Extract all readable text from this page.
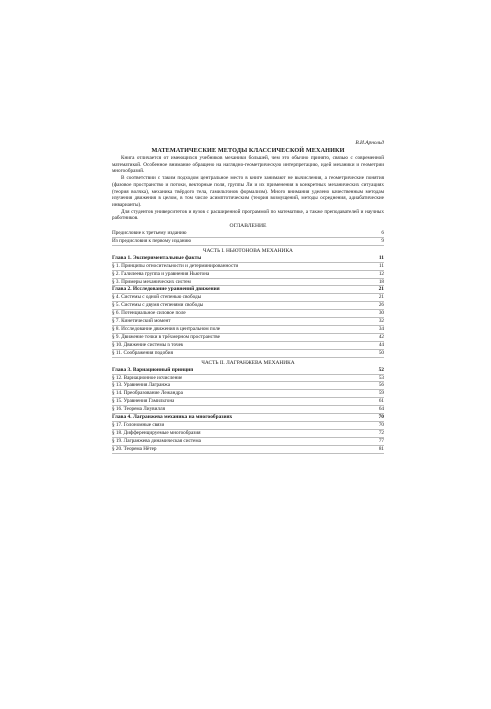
В.И.Арнольд
МАТЕМАТИЧЕСКИЕ МЕТОДЫ КЛАССИЧЕСКОЙ МЕХАНИКИ

Книга отличается от имеющихся учебников механики большей, чем это обычно принято, связью с современной математикой. Особенное внимание обращено на наглядно-геометрическую интерпретацию, идей механики и геометрии многообразий.

В соответствии с таким подходом центральное место в книге занимают не вычисления, а геометрические понятия (фазовое пространство и потоки, векторные поля, группы Ли и их применения в конкретных механических ситуациях (теория волчка), механика твёрдого тела, гамильтонов формализм). Много внимания уделено качественным методам изучения движения в целом, в том числе асимптотическим (теория возмущений, методы осреднения, адиабатические инварианты).

Для студентов университетов и вузов с расширенной программой по математике, а также преподавателей и научных работников.

ОГЛАВЛЕНИЕ
Предисловие к третьему изданию	6
Из предисловия к первому изданию	9
ЧАСТЬ I. НЬЮТОНОВА МЕХАНИКА
Глава 1. Экспериментальные факты	11
§ 1. Принципы относительности и детерминированности	11
§ 2. Галилеева группа и уравнения Ньютона	12
§ 3. Примеры механических систем	18
Глава 2. Исследование уравнений движения	21
§ 4. Системы с одной степенью свободы	21
§ 5. Системы с двумя степенями свободы	26
§ 6. Потенциальное силовое поле	30
§ 7. Кинетический момент	32
§ 8. Исследование движения в центральном поле	34
§ 9. Движение точки в трёхмерном пространстве	42
§ 10. Движение системы n точек	44
§ 11. Соображения подобия	50
ЧАСТЬ II. ЛАГРАНЖЕВА МЕХАНИКА
Глава 3. Вариационный принцип	52
§ 12. Вариационное исчисление	53
§ 13. Уравнения Лагранжа	56
§ 14. Преобразование Лежандра	59
§ 15. Уравнения Гамильтона	61
§ 16. Теорема Лиувилля	64
Глава 4. Лагранжева механика на многообразиях	70
§ 17. Голономные связи	70
§ 18. Дифференцируемые многообразия	72
§ 19. Лагранжева динамическая система	77
§ 20. Теорема Нётер	81
